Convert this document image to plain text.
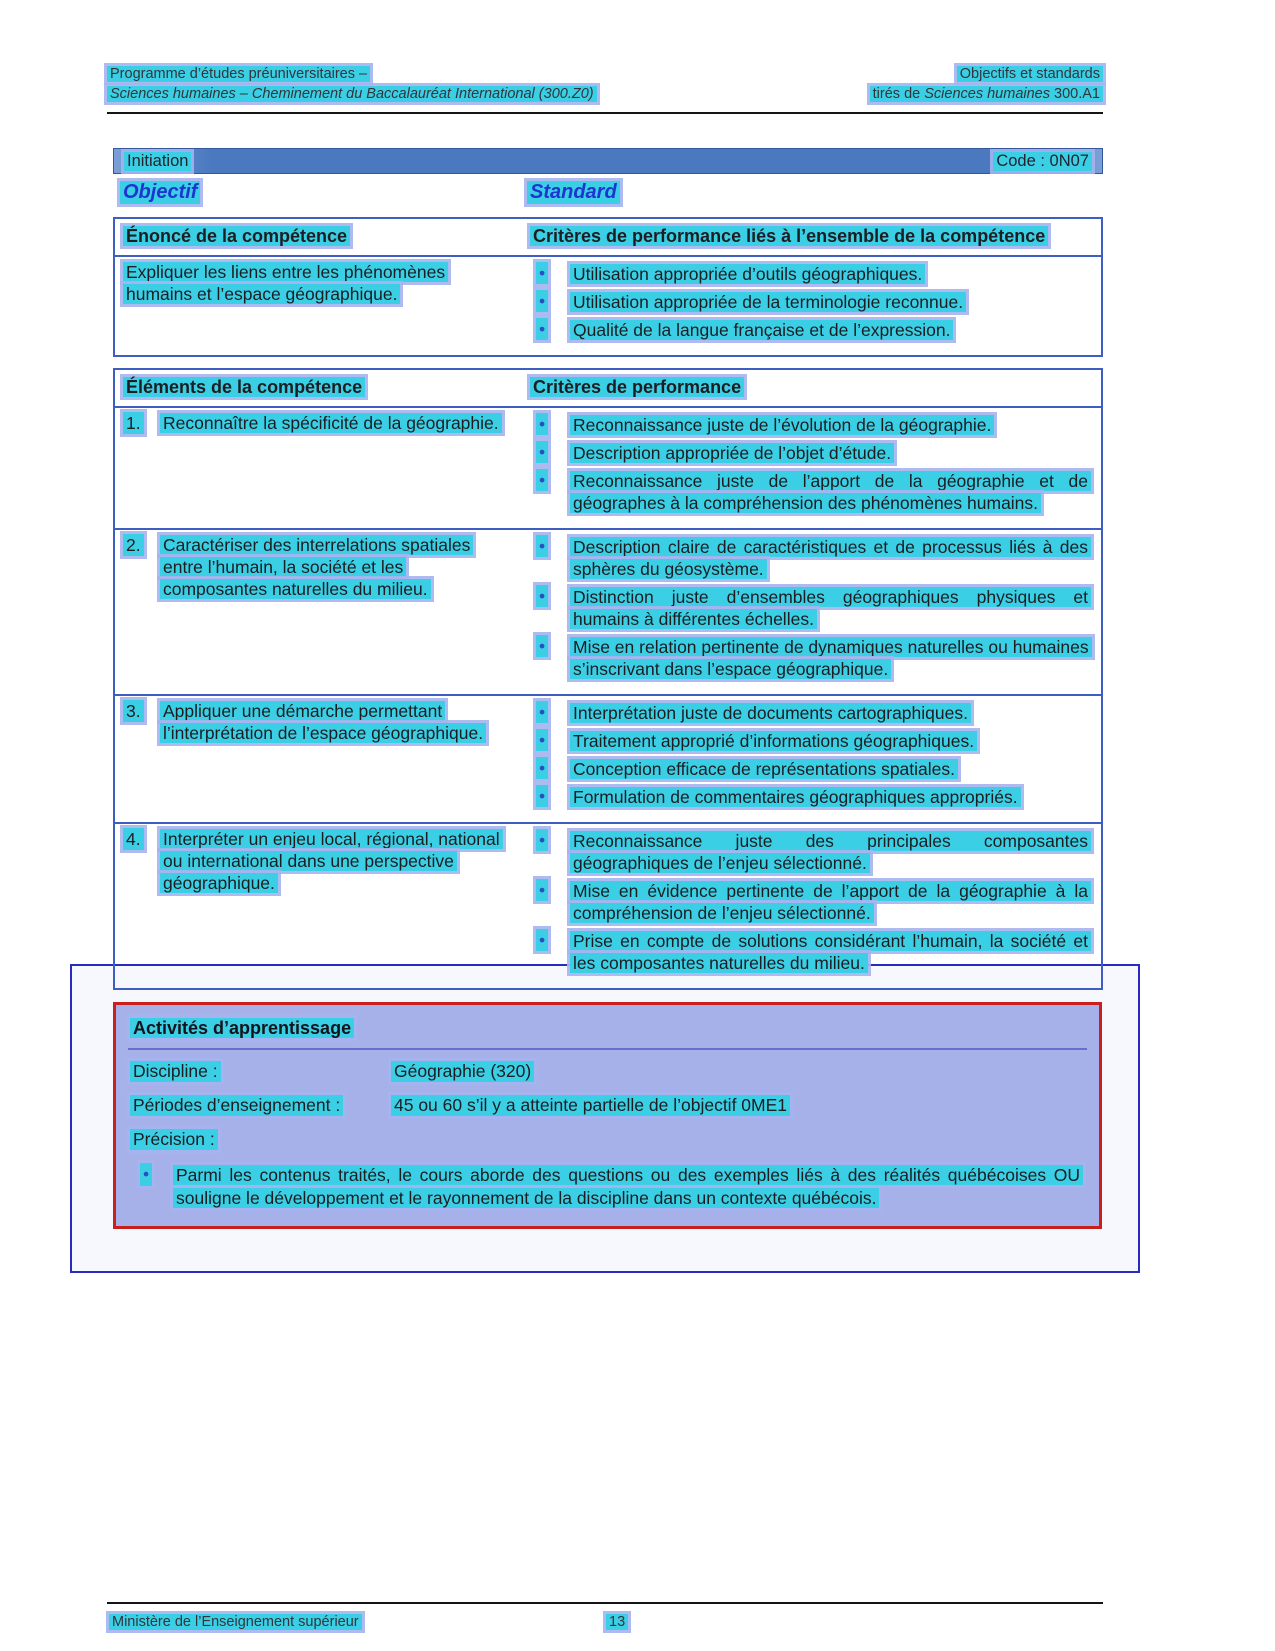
Programme d’études préuniversitaires –
Sciences humaines – Cheminement du Baccalauréat International (300.Z0)
Objectifs et standards
tirés de Sciences humaines 300.A1
Initiation	Code : 0N07
Objectif	Standard
Énoncé de la compétence	Critères de performance liés à l’ensemble de la compétence
Expliquer les liens entre les phénomènes humains et l’espace géographique.
• Utilisation appropriée d’outils géographiques.
• Utilisation appropriée de la terminologie reconnue.
• Qualité de la langue française et de l’expression.
Éléments de la compétence	Critères de performance
1. Reconnaître la spécificité de la géographie.	• Reconnaissance juste de l’évolution de la géographie.
• Description appropriée de l’objet d’étude.
• Reconnaissance juste de l’apport de la géographie et de géographes à la compréhension des phénomènes humains.
2. Caractériser des interrelations spatiales entre l’humain, la société et les composantes naturelles du milieu.
• Description claire de caractéristiques et de processus liés à des sphères du géosystème.
• Distinction juste d’ensembles géographiques physiques et humains à différentes échelles.
• Mise en relation pertinente de dynamiques naturelles ou humaines s’inscrivant dans l’espace géographique.
3. Appliquer une démarche permettant l’interprétation de l’espace géographique.
• Interprétation juste de documents cartographiques.
• Traitement approprié d’informations géographiques.
• Conception efficace de représentations spatiales.
• Formulation de commentaires géographiques appropriés.
4. Interpréter un enjeu local, régional, national ou international dans une perspective géographique.
• Reconnaissance juste des principales composantes géographiques de l’enjeu sélectionné.
• Mise en évidence pertinente de l’apport de la géographie à la compréhension de l’enjeu sélectionné.
• Prise en compte de solutions considérant l’humain, la société et les composantes naturelles du milieu.
Activités d’apprentissage
Discipline :	Géographie (320)
Périodes d’enseignement :	45 ou 60 s’il y a atteinte partielle de l’objectif 0ME1
Précision :
• Parmi les contenus traités, le cours aborde des questions ou des exemples liés à des réalités québécoises OU souligne le développement et le rayonnement de la discipline dans un contexte québécois.
Ministère de l’Enseignement supérieur	13
